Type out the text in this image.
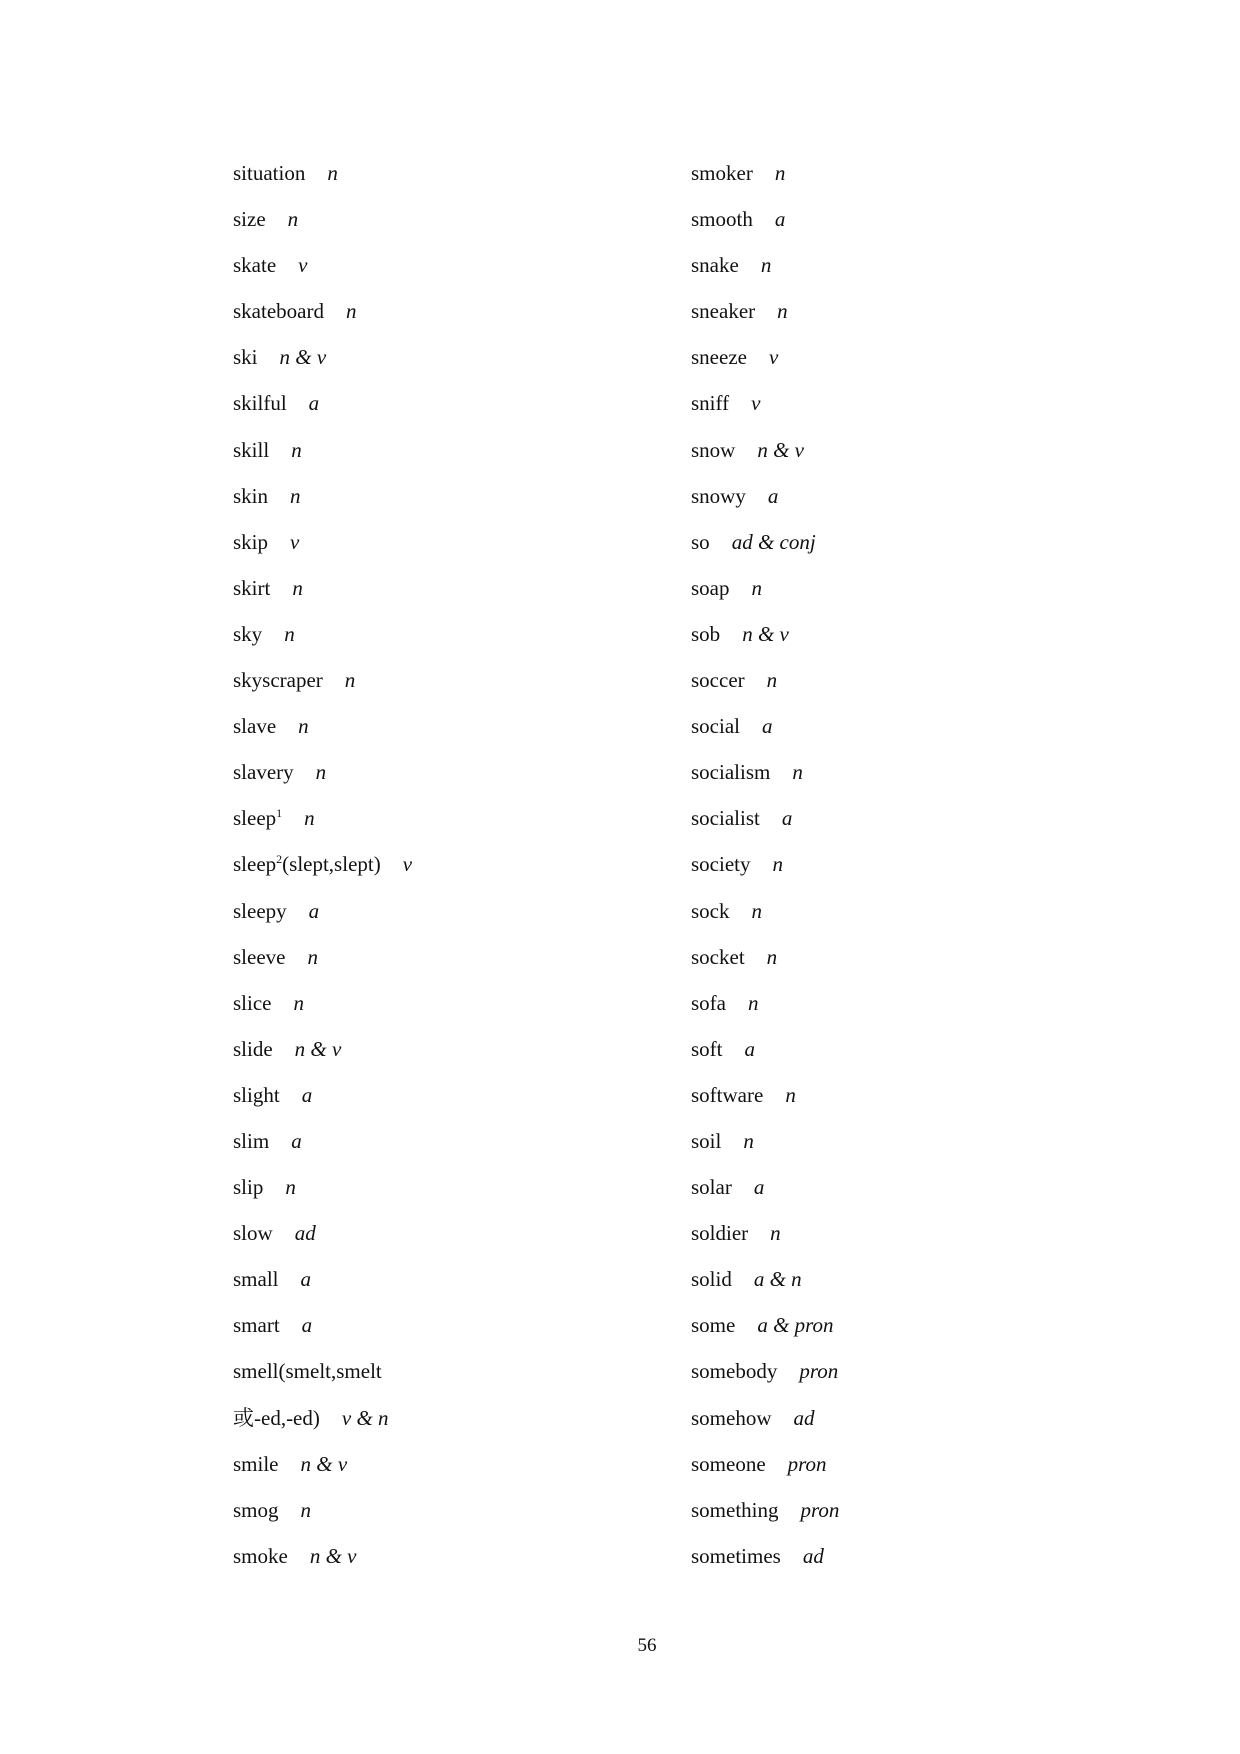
situation n
size n
skate v
skateboard n
ski n & v
skilful a
skill n
skin n
skip v
skirt n
sky n
skyscraper n
slave n
slavery n
sleep$^1$ n
sleep$^2$(slept,slept) v
sleepy a
sleeve n
slice n
slide n & v
slight a
slim a
slip n
slow ad
small a
smart a
smell(smelt,smelt
或-ed,-ed) v & n
smile n & v
smog n
smoke n & v
smoker n
smooth a
snake n
sneaker n
sneeze v
sniff v
snow n & v
snowy a
so ad & conj
soap n
sob n & v
soccer n
social a
socialism n
socialist a
society n
sock n
socket n
sofa n
soft a
software n
soil n
solar a
soldier n
solid a & n
some a & pron
somebody pron
somehow ad
someone pron
something pron
sometimes ad
56
